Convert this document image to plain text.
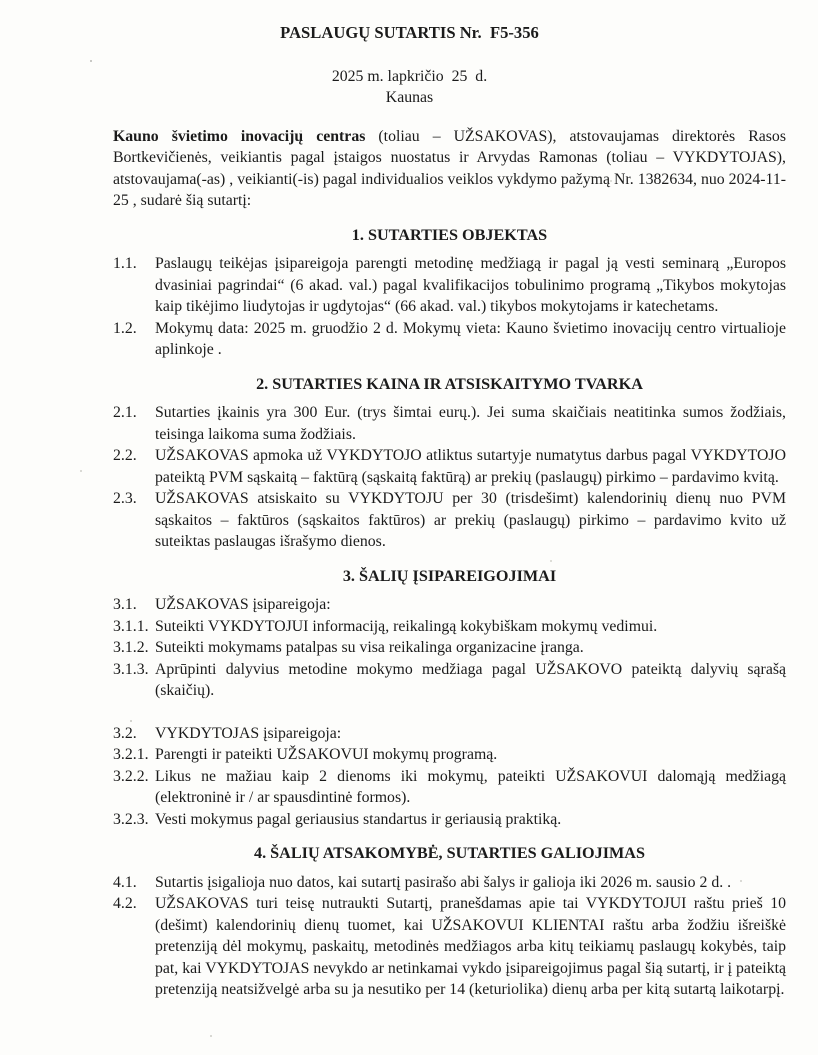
PASLAUGŲ SUTARTIS Nr.  F5-356
2025 m. lapkričio  25  d.
Kaunas

Kauno švietimo inovacijų centras (toliau – UŽSAKOVAS), atstovaujamas direktorės Rasos Bortkevičienės, veikiantis pagal įstaigos nuostatus ir Arvydas Ramonas (toliau – VYKDYTOJAS), atstovaujama(-as) , veikianti(-is) pagal individualios veiklos vykdymo pažymą Nr. 1382634, nuo 2024-11-25 , sudarė šią sutartį:

1. SUTARTIES OBJEKTAS
1.1.	Paslaugų teikėjas įsipareigoja parengti metodinę medžiagą ir pagal ją vesti seminarą „Europos dvasiniai pagrindai“ (6 akad. val.) pagal kvalifikacijos tobulinimo programą „Tikybos mokytojas kaip tikėjimo liudytojas ir ugdytojas“ (66 akad. val.) tikybos mokytojams ir katechetams.
1.2.	Mokymų data: 2025 m. gruodžio 2 d. Mokymų vieta: Kauno švietimo inovacijų centro virtualioje aplinkoje .
2. SUTARTIES KAINA IR ATSISKAITYMO TVARKA
2.1.	Sutarties įkainis yra 300 Eur. (trys šimtai eurų.). Jei suma skaičiais neatitinka sumos žodžiais, teisinga laikoma suma žodžiais.
2.2.	UŽSAKOVAS apmoka už VYKDYTOJO atliktus sutartyje numatytus darbus pagal VYKDYTOJO pateiktą PVM sąskaitą – faktūrą (sąskaitą faktūrą) ar prekių (paslaugų) pirkimo – pardavimo kvitą.
2.3.	UŽSAKOVAS atsiskaito su VYKDYTOJU per 30 (trisdešimt) kalendorinių dienų nuo PVM sąskaitos – faktūros (sąskaitos faktūros) ar prekių (paslaugų) pirkimo – pardavimo kvito už suteiktas paslaugas išrašymo dienos.
3. ŠALIŲ ĮSIPAREIGOJIMAI
3.1.	UŽSAKOVAS įsipareigoja:
3.1.1. Suteikti VYKDYTOJUI informaciją, reikalingą kokybiškam mokymų vedimui.
3.1.2. Suteikti mokymams patalpas su visa reikalinga organizacine įranga.
3.1.3. Aprūpinti dalyvius metodine mokymo medžiaga pagal UŽSAKOVO pateiktą dalyvių sąrašą (skaičių).
3.2.	VYKDYTOJAS įsipareigoja:
3.2.1. Parengti ir pateikti UŽSAKOVUI mokymų programą.
3.2.2. Likus ne mažiau kaip 2 dienoms iki mokymų, pateikti UŽSAKOVUI dalomąją medžiagą (elektroninė ir / ar spausdintinė formos).
3.2.3. Vesti mokymus pagal geriausius standartus ir geriausią praktiką.
4. ŠALIŲ ATSAKOMYBĖ, SUTARTIES GALIOJIMAS
4.1.	Sutartis įsigalioja nuo datos, kai sutartį pasirašo abi šalys ir galioja iki 2026 m. sausio 2 d. .
4.2.	UŽSAKOVAS turi teisę nutraukti Sutartį, pranešdamas apie tai VYKDYTOJUI raštu prieš 10 (dešimt) kalendorinių dienų tuomet, kai UŽSAKOVUI KLIENTAI raštu arba žodžiu išreiškė pretenziją dėl mokymų, paskaitų, metodinės medžiagos arba kitų teikiamų paslaugų kokybės, taip pat, kai VYKDYTOJAS nevykdo ar netinkamai vykdo įsipareigojimus pagal šią sutartį, ir į pateiktą pretenziją neatsižvelgė arba su ja nesutiko per 14 (keturiolika) dienų arba per kitą sutartą laikotarpį.
